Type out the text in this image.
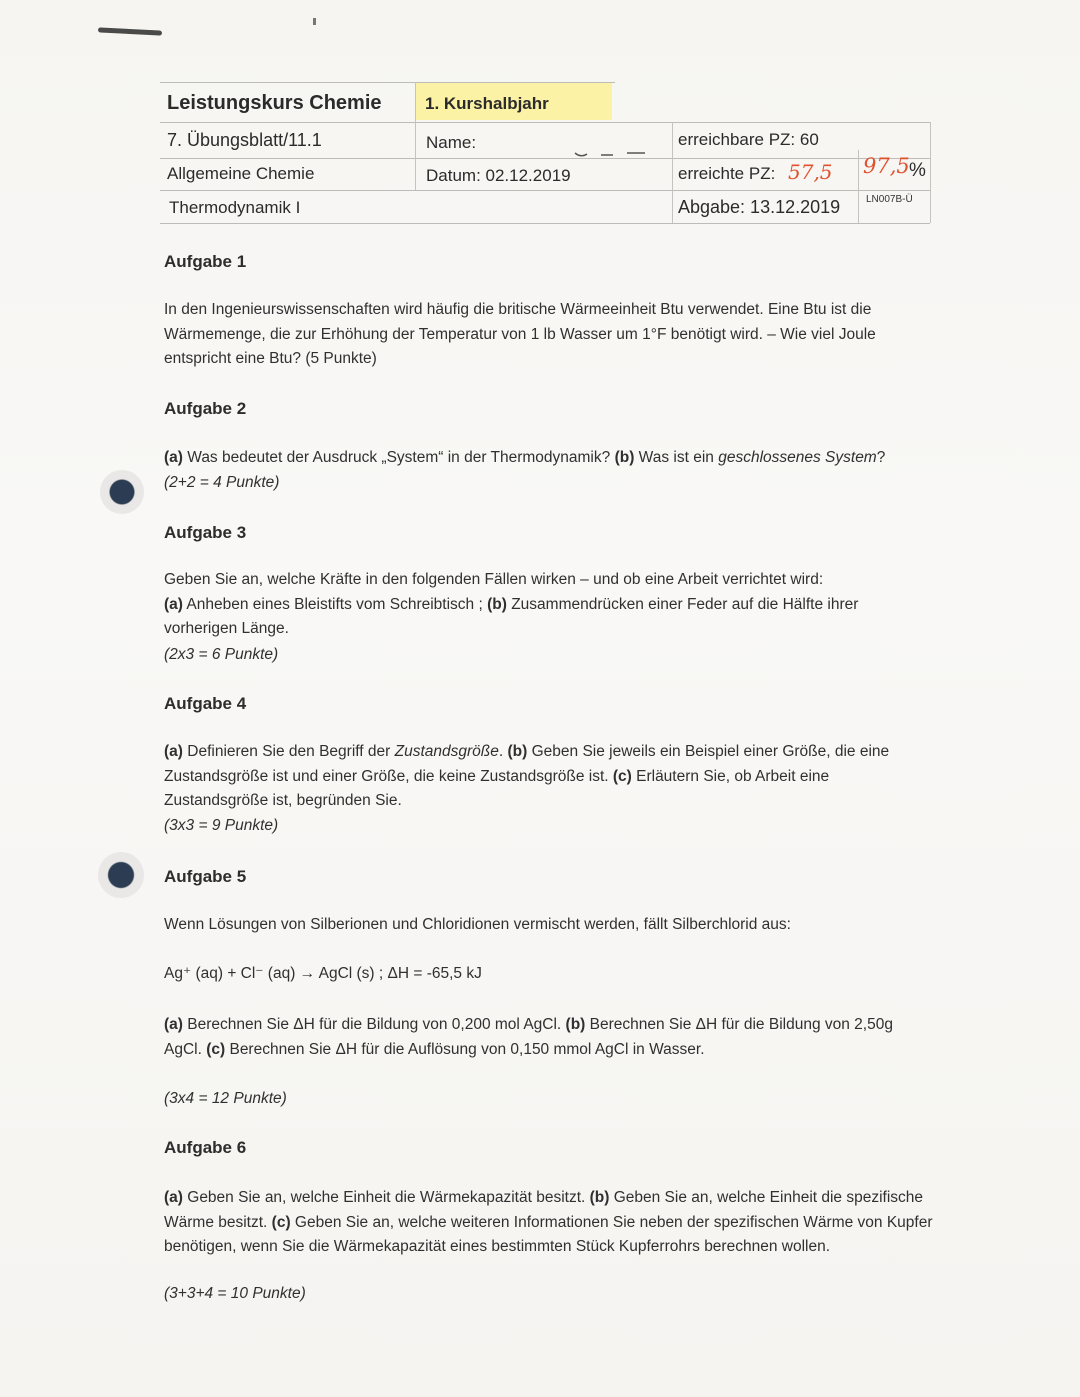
Leistungskurs Chemie	1. Kurshalbjahr
7. Übungsblatt/11.1	Name:	erreichbare PZ: 60
Allgemeine Chemie	Datum: 02.12.2019	erreichte PZ: 57,5 97,5 %
Thermodynamik I	Abgabe: 13.12.2019	LN007B-Ü
Aufgabe 1
In den Ingenieurswissenschaften wird häufig die britische Wärmeeinheit Btu verwendet. Eine Btu ist die Wärmemenge, die zur Erhöhung der Temperatur von 1 lb Wasser um 1°F benötigt wird. – Wie viel Joule entspricht eine Btu? (5 Punkte)
Aufgabe 2
(a) Was bedeutet der Ausdruck „System“ in der Thermodynamik? (b) Was ist ein geschlossenes System?
(2+2 = 4 Punkte)
Aufgabe 3
Geben Sie an, welche Kräfte in den folgenden Fällen wirken – und ob eine Arbeit verrichtet wird:
(a) Anheben eines Bleistifts vom Schreibtisch ; (b) Zusammendrücken einer Feder auf die Hälfte ihrer vorherigen Länge.
(2x3 = 6 Punkte)
Aufgabe 4
(a) Definieren Sie den Begriff der Zustandsgröße. (b) Geben Sie jeweils ein Beispiel einer Größe, die eine Zustandsgröße ist und einer Größe, die keine Zustandsgröße ist. (c) Erläutern Sie, ob Arbeit eine Zustandsgröße ist, begründen Sie.
(3x3 = 9 Punkte)
Aufgabe 5
Wenn Lösungen von Silberionen und Chloridionen vermischt werden, fällt Silberchlorid aus:
Ag⁺ (aq) + Cl⁻ (aq) → AgCl (s) ; ΔH = -65,5 kJ
(a) Berechnen Sie ΔH für die Bildung von 0,200 mol AgCl. (b) Berechnen Sie ΔH für die Bildung von 2,50g AgCl. (c) Berechnen Sie ΔH für die Auflösung von 0,150 mmol AgCl in Wasser.
(3x4 = 12 Punkte)
Aufgabe 6
(a) Geben Sie an, welche Einheit die Wärmekapazität besitzt. (b) Geben Sie an, welche Einheit die spezifische Wärme besitzt. (c) Geben Sie an, welche weiteren Informationen Sie neben der spezifischen Wärme von Kupfer benötigen, wenn Sie die Wärmekapazität eines bestimmten Stück Kupferrohrs berechnen wollen.
(3+3+4 = 10 Punkte)
